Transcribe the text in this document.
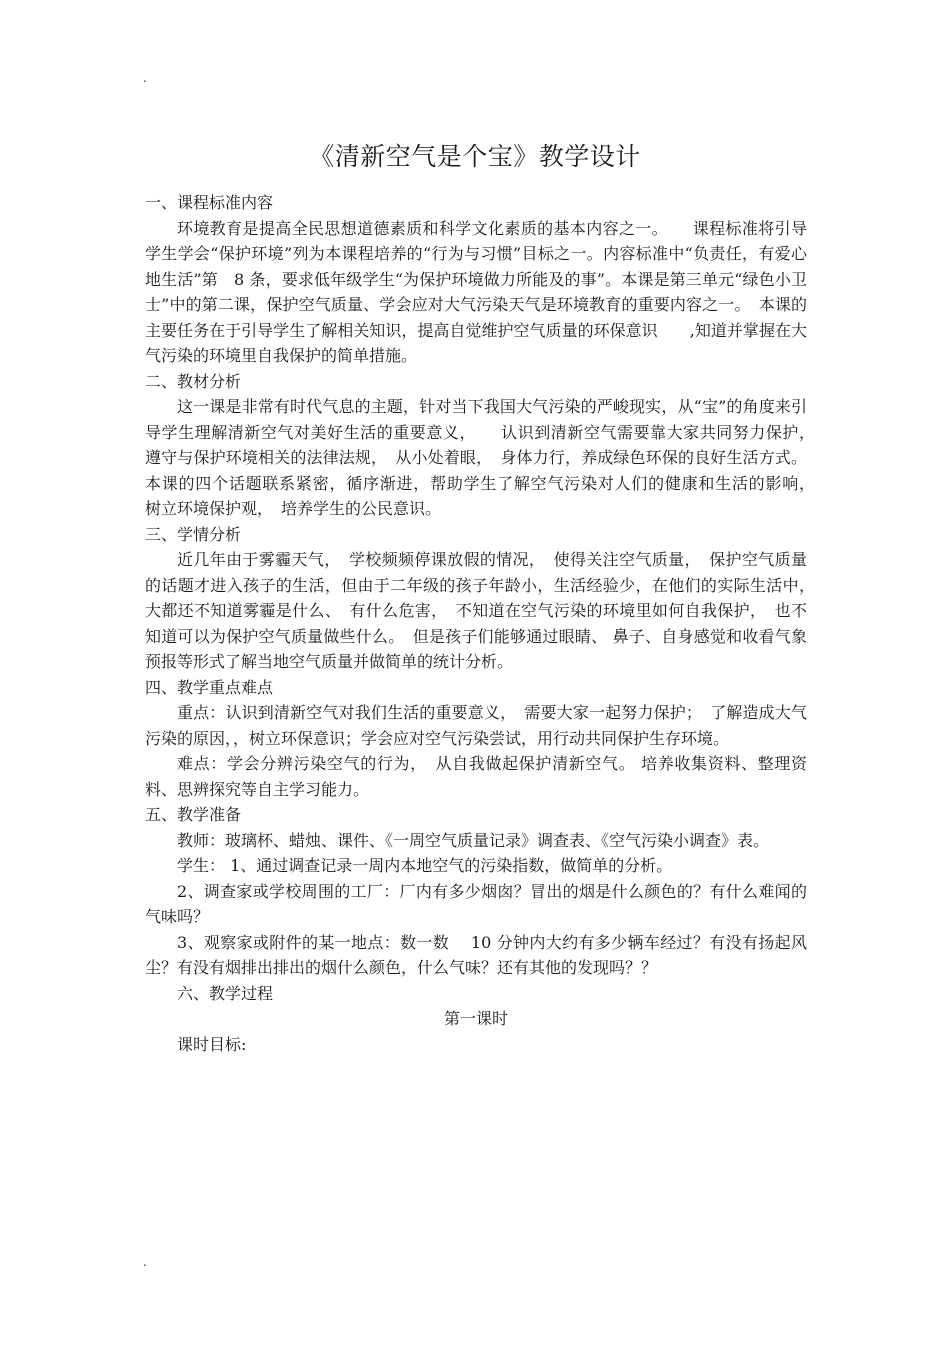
.
《清新空气是个宝》教学设计

一、课程标准内容

环境教育是提高全民思想道德素质和科学文化素质的基本内容之一。　　课程标准将引导学生学会“保护环境”列为本课程培养的“行为与习惯”目标之一。内容标准中“负责任，有爱心地生活”第　8 条，要求低年级学生“为保护环境做力所能及的事”。本课是第三单元“绿色小卫士”中的第二课，保护空气质量、学会应对大气污染天气是环境教育的重要内容之一。　本课的主要任务在于引导学生了解相关知识，提高自觉维护空气质量的环保意识　　,知道并掌握在大气污染的环境里自我保护的简单措施。

二、教材分析

这一课是非常有时代气息的主题，针对当下我国大气污染的严峻现实，从“宝”的角度来引导学生理解清新空气对美好生活的重要意义，　　认识到清新空气需要靠大家共同努力保护，　遵守与保护环境相关的法律法规，　从小处着眼，　身体力行，养成绿色环保的良好生活方式。本课的四个话题联系紧密，循序渐进，帮助学生了解空气污染对人们的健康和生活的影响，　　树立环境保护观，　培养学生的公民意识。

三、学情分析

近几年由于雾霾天气，　学校频频停课放假的情况，　使得关注空气质量，　保护空气质量的话题才进入孩子的生活，但由于二年级的孩子年龄小，生活经验少，在他们的实际生活中，　大都还不知道雾霾是什么、　有什么危害，　不知道在空气污染的环境里如何自我保护，　也不知道可以为保护空气质量做些什么。　但是孩子们能够通过眼睛、 鼻子、自身感觉和收看气象预报等形式了解当地空气质量并做简单的统计分析。

四、教学重点难点

重点：认识到清新空气对我们生活的重要意义，　需要大家一起努力保护；　了解造成大气污染的原因，，树立环保意识；学会应对空气污染尝试，用行动共同保护生存环境。

难点：学会分辨污染空气的行为，　从自我做起保护清新空气。 培养收集资料、整理资料、思辨探究等自主学习能力。

五、教学准备

教师：玻璃杯、蜡烛、课件、《一周空气质量记录》调查表、《空气污染小调查》表。

学生： 1、通过调查记录一周内本地空气的污染指数，做简单的分析。

2、调查家或学校周围的工厂：厂内有多少烟囱？冒出的烟是什么颜色的？有什么难闻的气味吗？

3、观察家或附件的某一地点：数一数　 10 分钟内大约有多少辆车经过？有没有扬起风尘？有没有烟排出排出的烟什么颜色，什么气味？还有其他的发现吗？？

六、教学过程

第一课时

课时目标:

.
